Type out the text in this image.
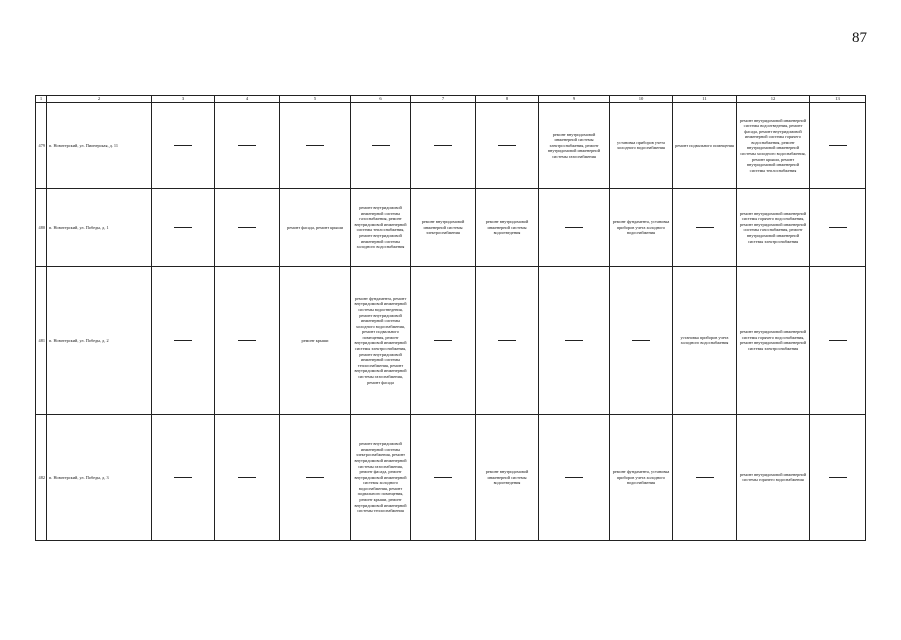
87
1	2	3	4	5	6	7	8	9	10	11	12	13
479	п. Новотерский, ул. Пионерская, д. 11							ремонт внутридомовой инженерной системы электроснабжения, ремонт внутридомовой инженерной системы газоснабжения	установка приборов учета холодного водоснабжения	ремонт подвального помещения	ремонт внутридомовой инженерной системы водоотведения, ремонт фасада, ремонт внутридомовой инженерной системы горячего водоснабжения, ремонт внутридомовой инженерной системы холодного водоснабжения, ремонт крыши, ремонт внутридомовой инженерной системы теплоснабжения	
480	п. Новотерский, ул. Победы, д. 1			ремонт фасада, ремонт крыши	ремонт внутридомовой инженерной системы газоснабжения, ремонт внутридомовой инженерной системы теплоснабжения, ремонт внутридомовой инженерной системы холодного водоснабжения	ремонт внутридомовой инженерной системы электроснабжения	ремонт внутридомовой инженерной системы водоотведения		ремонт фундамента, установка приборов учета холодного водоснабжения		ремонт внутридомовой инженерной системы горячего водоснабжения, ремонт внутридомовой инженерной системы газоснабжения, ремонт внутридомовой инженерной системы электроснабжения	
481	п. Новотерский, ул. Победы, д. 2			ремонт крыши	ремонт фундамента, ремонт внутридомовой инженерной системы водоотведения, ремонт внутридомовой инженерной системы холодного водоснабжения, ремонт подвального помещения, ремонт внутридомовой инженерной системы электроснабжения, ремонт внутридомовой инженерной системы теплоснабжения, ремонт внутридомовой инженерной системы газоснабжения, ремонт фасада					установка приборов учета холодного водоснабжения	ремонт внутридомовой инженерной системы горячего водоснабжения, ремонт внутридомовой инженерной системы электроснабжения	
482	п. Новотерский, ул. Победы, д. 3				ремонт внутридомовой инженерной системы электроснабжения, ремонт внутридомовой инженерной системы газоснабжения, ремонт фасада, ремонт внутридомовой инженерной системы холодного водоснабжения, ремонт подвального помещения, ремонт крыши, ремонт внутридомовой инженерной системы теплоснабжения		ремонт внутридомовой инженерной системы водоотведения		ремонт фундамента, установка приборов учета холодного водоснабжения		ремонт внутридомовой инженерной системы горячего водоснабжения	
